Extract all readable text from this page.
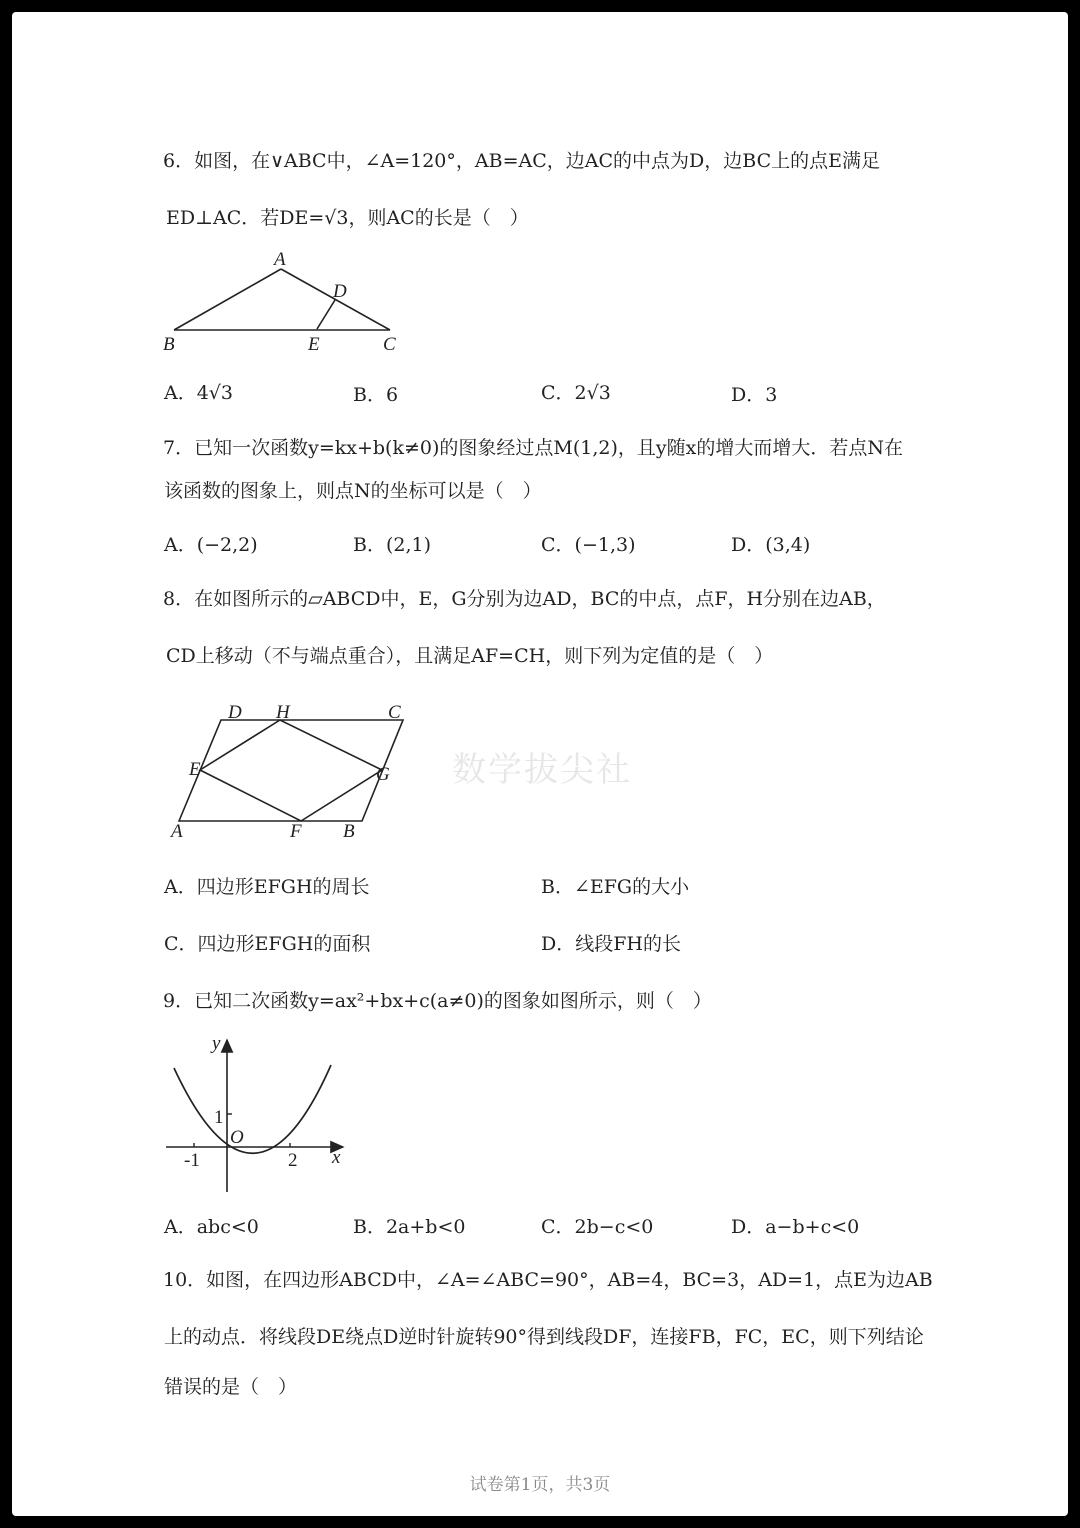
6．如图，在∨ABC中，∠A=120°，AB=AC，边AC的中点为D，边BC上的点E满足
ED⊥AC．若DE=√3，则AC的长是（　）
A
B	C
D
E
A．4√3	B．6	C．2√3	D．3
7．已知一次函数y=kx+b(k≠0)的图象经过点M(1,2)，且y随x的增大而增大．若点N在
该函数的图象上，则点N的坐标可以是（　）
A．(−2,2)	B．(2,1)	C．(−1,3)	D．(3,4)
8．在如图所示的▱ABCD中，E，G分别为边AD，BC的中点，点F，H分别在边AB，
CD上移动（不与端点重合），且满足AF=CH，则下列为定值的是（　）
D H	C
E	G
A	F B
数学拔尖社
A．四边形EFGH的周长	B．∠EFG的大小
C．四边形EFGH的面积	D．线段FH的长
9．已知二次函数y=ax²+bx+c(a≠0)的图象如图所示，则（　）
y
x
O
1
-1	2
A．abc<0	B．2a+b<0	C．2b−c<0	D．a−b+c<0
10．如图，在四边形ABCD中，∠A=∠ABC=90°，AB=4，BC=3，AD=1，点E为边AB
上的动点．将线段DE绕点D逆时针旋转90°得到线段DF，连接FB，FC，EC，则下列结论
错误的是（　）
试卷第1页，共3页
